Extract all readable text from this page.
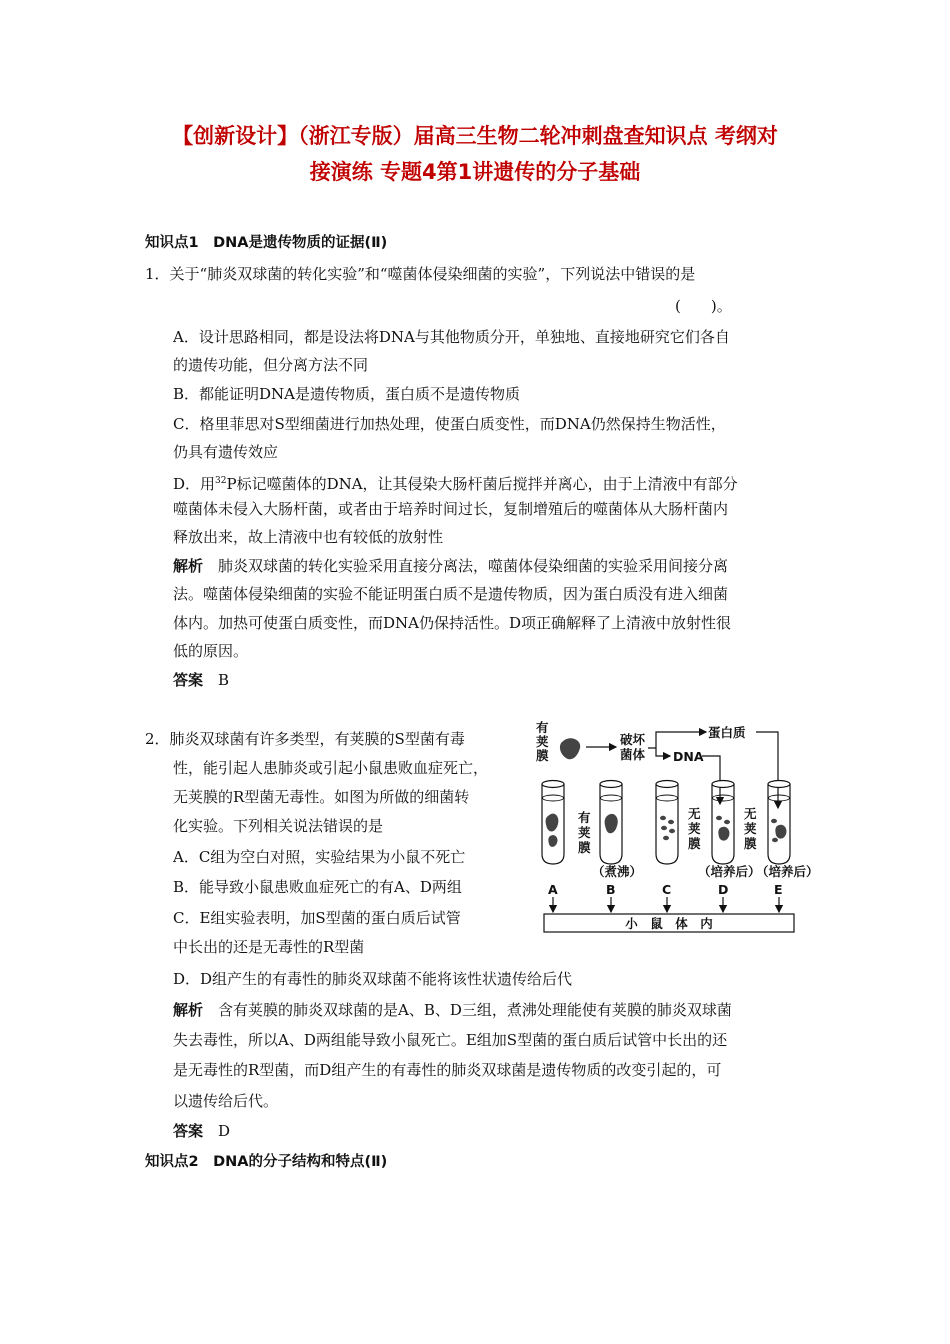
【创新设计】（浙江专版）届高三生物二轮冲刺盘查知识点 考纲对
接演练 专题4第1讲遗传的分子基础
知识点1　DNA是遗传物质的证据(Ⅱ)
1．关于“肺炎双球菌的转化实验”和“噬菌体侵染细菌的实验”，下列说法中错误的是
(　　)。
A．设计思路相同，都是设法将DNA与其他物质分开，单独地、直接地研究它们各自
的遗传功能，但分离方法不同
B．都能证明DNA是遗传物质，蛋白质不是遗传物质
C．格里菲思对S型细菌进行加热处理，使蛋白质变性，而DNA仍然保持生物活性，
仍具有遗传效应
D．用$^{32}$P标记噬菌体的DNA，让其侵染大肠杆菌后搅拌并离心，由于上清液中有部分
噬菌体未侵入大肠杆菌，或者由于培养时间过长，复制增殖后的噬菌体从大肠杆菌内
释放出来，故上清液中也有较低的放射性
解析　 肺炎双球菌的转化实验采用直接分离法，噬菌体侵染细菌的实验采用间接分离
法。噬菌体侵染细菌的实验不能证明蛋白质不是遗传物质，因为蛋白质没有进入细菌
体内。加热可使蛋白质变性，而DNA仍保持活性。D项正确解释了上清液中放射性很
低的原因。
答案　 B
2．肺炎双球菌有许多类型，有荚膜的S型菌有毒
性，能引起人患肺炎或引起小鼠患败血症死亡，
无荚膜的R型菌无毒性。如图为所做的细菌转
化实验。下列相关说法错误的是
A．C组为空白对照，实验结果为小鼠不死亡
B．能导致小鼠患败血症死亡的有A、D两组
C．E组实验表明，加S型菌的蛋白质后试管
中长出的还是无毒性的R型菌
D．D组产生的有毒性的肺炎双球菌不能将该性状遗传给后代
解析　 含有荚膜的肺炎双球菌的是A、B、D三组，煮沸处理能使有荚膜的肺炎双球菌
失去毒性，所以A、D两组能导致小鼠死亡。E组加S型菌的蛋白质后试管中长出的还
是无毒性的R型菌，而D组产生的有毒性的肺炎双球菌是遗传物质的改变引起的，可
以遗传给后代。
答案　 D
知识点2　DNA的分子结构和特点(Ⅱ)
有
荚
膜
破坏
菌体 DNA
蛋白质
有
荚
膜
无
荚
膜
无
荚
膜
（煮沸）	（培养后）
（培养后）
A	B	C	D	E
小　鼠　体　内
